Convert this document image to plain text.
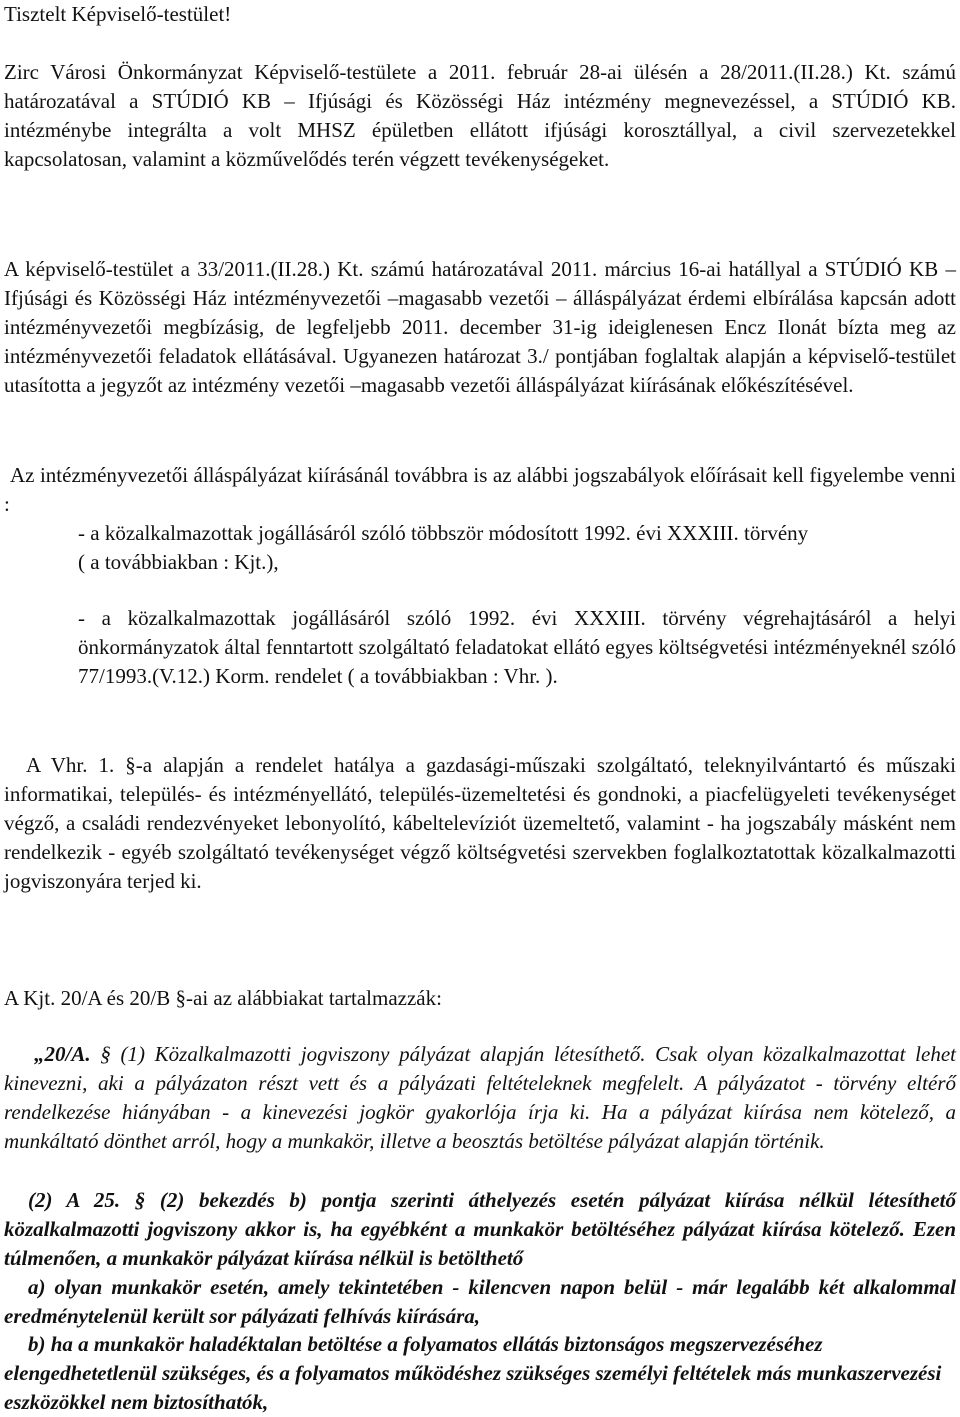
Tisztelt Képviselő-testület!

Zirc Városi Önkormányzat Képviselő-testülete a 2011. február 28-ai ülésén a 28/2011.(II.28.) Kt. számú határozatával a STÚDIÓ KB – Ifjúsági és Közösségi Ház intézmény megnevezéssel, a STÚDIÓ KB. intézménybe integrálta a volt MHSZ épületben ellátott ifjúsági korosztállyal, a civil szervezetekkel kapcsolatosan, valamint a közművelődés terén végzett tevékenységeket.

A képviselő-testület a 33/2011.(II.28.) Kt. számú határozatával 2011. március 16-ai hatállyal a STÚDIÓ KB – Ifjúsági és Közösségi Ház intézményvezetői –magasabb vezetői – álláspályázat érdemi elbírálása kapcsán adott intézményvezetői megbízásig, de legfeljebb 2011. december 31-ig ideiglenesen Encz Ilonát bízta meg az intézményvezetői feladatok ellátásával. Ugyanezen határozat 3./ pontjában foglaltak alapján a képviselő-testület utasította a jegyzőt az intézmény vezetői –magasabb vezetői álláspályázat kiírásának előkészítésével.

Az intézményvezetői álláspályázat kiírásánál továbbra is az alábbi jogszabályok előírásait kell figyelembe venni :

- a közalkalmazottak jogállásáról szóló többször módosított 1992. évi XXXIII. törvény
( a továbbiakban : Kjt.),

- a közalkalmazottak jogállásáról szóló 1992. évi XXXIII. törvény végrehajtásáról a helyi önkormányzatok által fenntartott szolgáltató feladatokat ellátó egyes költségvetési intézményeknél szóló 77/1993.(V.12.) Korm. rendelet ( a továbbiakban : Vhr. ).

A Vhr. 1. §-a alapján a rendelet hatálya a gazdasági-műszaki szolgáltató, teleknyilvántartó és műszaki informatikai, település- és intézményellátó, település-üzemeltetési és gondnoki, a piacfelügyeleti tevékenységet végző, a családi rendezvényeket lebonyolító, kábeltelevíziót üzemeltető, valamint - ha jogszabály másként nem rendelkezik - egyéb szolgáltató tevékenységet végző költségvetési szervekben foglalkoztatottak közalkalmazotti jogviszonyára terjed ki.

A Kjt. 20/A és 20/B §-ai az alábbiakat tartalmazzák:

„20/A. § (1) Közalkalmazotti jogviszony pályázat alapján létesíthető. Csak olyan közalkalmazottat lehet kinevezni, aki a pályázaton részt vett és a pályázati feltételeknek megfelelt. A pályázatot - törvény eltérő rendelkezése hiányában - a kinevezési jogkör gyakorlója írja ki. Ha a pályázat kiírása nem kötelező, a munkáltató dönthet arról, hogy a munkakör, illetve a beosztás betöltése pályázat alapján történik.

(2) A 25. § (2) bekezdés b) pontja szerinti áthelyezés esetén pályázat kiírása nélkül létesíthető közalkalmazotti jogviszony akkor is, ha egyébként a munkakör betöltéséhez pályázat kiírása kötelező. Ezen túlmenően, a munkakör pályázat kiírása nélkül is betölthető

a) olyan munkakör esetén, amely tekintetében - kilencven napon belül - már legalább két alkalommal eredménytelenül került sor pályázati felhívás kiírására,

b) ha a munkakör haladéktalan betöltése a folyamatos ellátás biztonságos megszervezéséhez elengedhetetlenül szükséges, és a folyamatos működéshez szükséges személyi feltételek más munkaszervezési eszközökkel nem biztosíthatók,
